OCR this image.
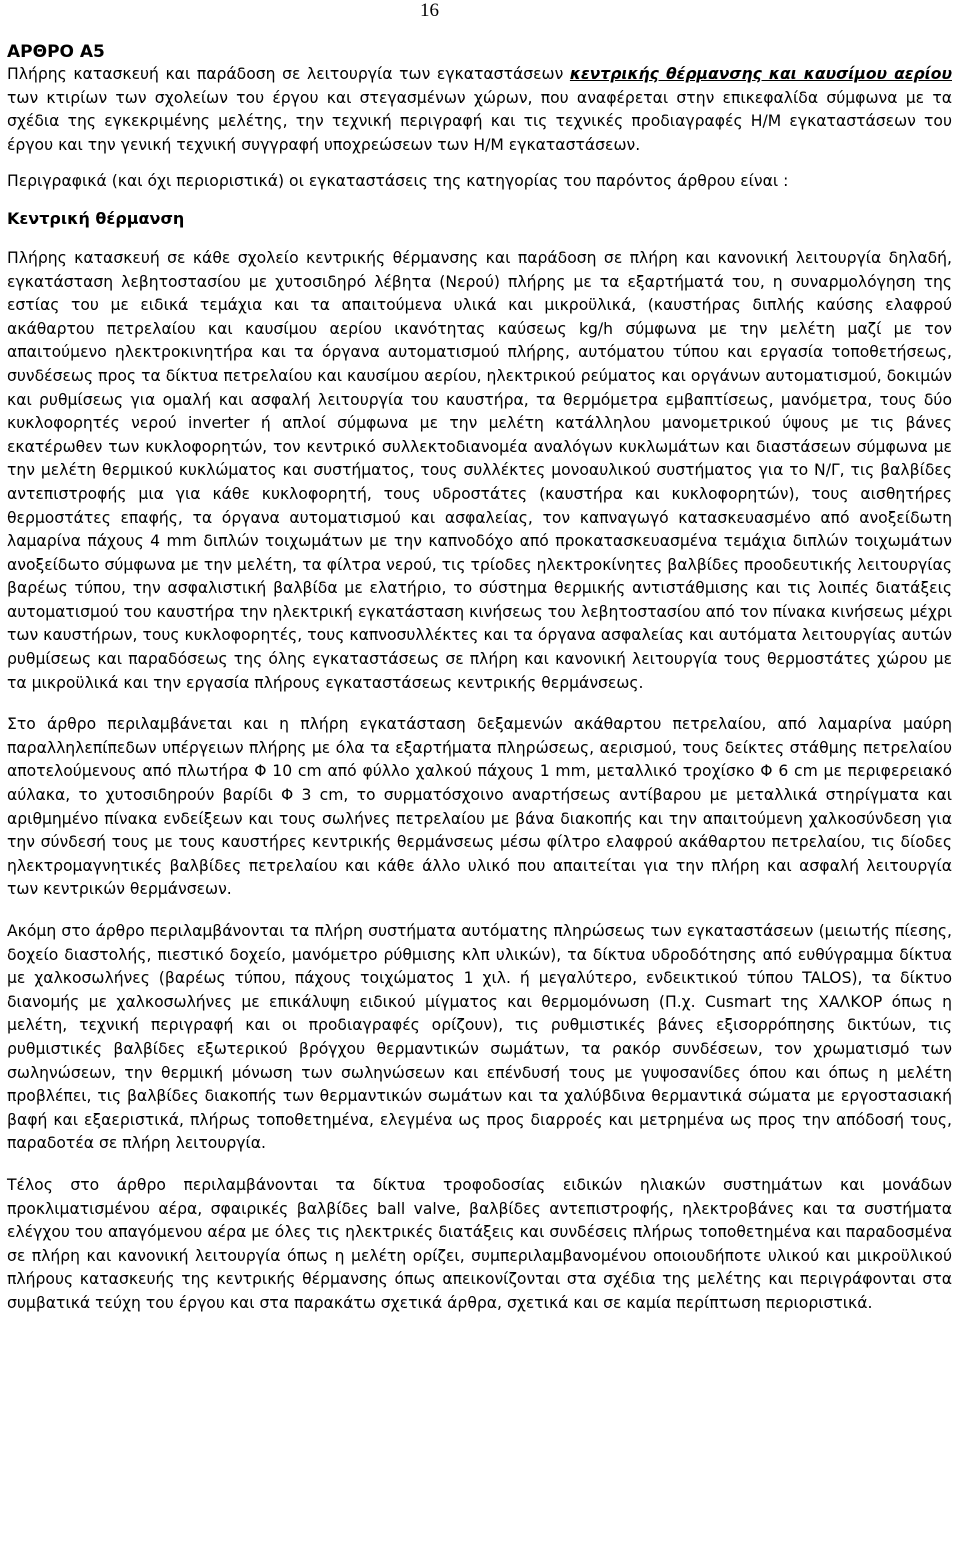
16
ΑΡΘΡΟ Α5

Πλήρης κατασκευή και παράδοση σε λειτουργία των εγκαταστάσεων κεντρικής θέρμανσης και καυσίμου αερίου των κτιρίων των σχολείων του έργου και στεγασμένων χώρων, που αναφέρεται στην επικεφαλίδα σύμφωνα με τα σχέδια της εγκεκριμένης μελέτης, την τεχνική περιγραφή και τις τεχνικές προδιαγραφές Η/Μ εγκαταστάσεων του έργου και την γενική τεχνική συγγραφή υποχρεώσεων των Η/Μ εγκαταστάσεων.

Περιγραφικά (και όχι περιοριστικά) οι εγκαταστάσεις της κατηγορίας του παρόντος άρθρου είναι :

Κεντρική θέρμανση

Πλήρης κατασκευή σε κάθε σχολείο κεντρικής θέρμανσης και παράδοση σε πλήρη και κανονική λειτουργία δηλαδή, εγκατάσταση λεβητοστασίου με χυτοσιδηρό λέβητα (Νερού) πλήρης με τα εξαρτήματά του, η συναρμολόγηση της εστίας του με ειδικά τεμάχια και τα απαιτούμενα υλικά και μικροϋλικά, (καυστήρας διπλής καύσης ελαφρού ακάθαρτου πετρελαίου και καυσίμου αερίου ικανότητας καύσεως kg/h σύμφωνα με την μελέτη μαζί με τον απαιτούμενο ηλεκτροκινητήρα και τα όργανα αυτοματισμού πλήρης, αυτόματου τύπου και εργασία τοποθετήσεως, συνδέσεως προς τα δίκτυα πετρελαίου και καυσίμου αερίου, ηλεκτρικού ρεύματος και οργάνων αυτοματισμού, δοκιμών και ρυθμίσεως για ομαλή και ασφαλή λειτουργία του καυστήρα, τα θερμόμετρα εμβαπτίσεως, μανόμετρα, τους δύο κυκλοφορητές νερού inverter ή απλοί σύμφωνα με την μελέτη κατάλληλου μανομετρικού ύψους με τις βάνες εκατέρωθεν των κυκλοφορητών, τον κεντρικό συλλεκτοδιανομέα αναλόγων κυκλωμάτων και διαστάσεων σύμφωνα με την μελέτη θερμικού κυκλώματος και συστήματος, τους συλλέκτες μονοαυλικού συστήματος για το Ν/Γ, τις βαλβίδες αντεπιστροφής μια για κάθε κυκλοφορητή, τους υδροστάτες (καυστήρα και κυκλοφορητών), τους αισθητήρες θερμοστάτες επαφής, τα όργανα αυτοματισμού και ασφαλείας, τον καπναγωγό κατασκευασμένο από ανοξείδωτη λαμαρίνα πάχους 4 mm διπλών τοιχωμάτων με την καπνοδόχο από προκατασκευασμένα τεμάχια διπλών τοιχωμάτων ανοξείδωτο σύμφωνα με την μελέτη, τα φίλτρα νερού, τις τρίοδες ηλεκτροκίνητες βαλβίδες προοδευτικής λειτουργίας βαρέως τύπου, την ασφαλιστική βαλβίδα με ελατήριο, το σύστημα θερμικής αντιστάθμισης και τις λοιπές διατάξεις αυτοματισμού του καυστήρα την ηλεκτρική εγκατάσταση κινήσεως του λεβητοστασίου από τον πίνακα κινήσεως μέχρι των καυστήρων, τους κυκλοφορητές, τους καπνοσυλλέκτες και τα όργανα ασφαλείας και αυτόματα λειτουργίας αυτών ρυθμίσεως και παραδόσεως της όλης εγκαταστάσεως σε πλήρη και κανονική λειτουργία τους θερμοστάτες χώρου με τα μικροϋλικά και την εργασία πλήρους εγκαταστάσεως κεντρικής θερμάνσεως.

Στο άρθρο περιλαμβάνεται και η πλήρη εγκατάσταση δεξαμενών ακάθαρτου πετρελαίου, από λαμαρίνα μαύρη παραλληλεπίπεδων υπέργειων πλήρης με όλα τα εξαρτήματα πληρώσεως, αερισμού, τους δείκτες στάθμης πετρελαίου αποτελούμενους από πλωτήρα Φ 10 cm από φύλλο χαλκού πάχους 1 mm, μεταλλικό τροχίσκο Φ 6 cm με περιφερειακό αύλακα, το χυτοσιδηρούν βαρίδι Φ 3 cm, το συρματόσχοινο αναρτήσεως αντίβαρου με μεταλλικά στηρίγματα και αριθμημένο πίνακα ενδείξεων και τους σωλήνες πετρελαίου με βάνα διακοπής και την απαιτούμενη χαλκοσύνδεση για την σύνδεσή τους με τους καυστήρες κεντρικής θερμάνσεως μέσω φίλτρο ελαφρού ακάθαρτου πετρελαίου, τις δίοδες ηλεκτρομαγνητικές βαλβίδες πετρελαίου και κάθε άλλο υλικό που απαιτείται για την πλήρη και ασφαλή λειτουργία των κεντρικών θερμάνσεων.

Ακόμη στο άρθρο περιλαμβάνονται τα πλήρη συστήματα αυτόματης πληρώσεως των εγκαταστάσεων (μειωτής πίεσης, δοχείο διαστολής, πιεστικό δοχείο, μανόμετρο ρύθμισης κλπ υλικών), τα δίκτυα υδροδότησης από ευθύγραμμα δίκτυα με χαλκοσωλήνες (βαρέως τύπου, πάχους τοιχώματος 1 χιλ. ή μεγαλύτερο, ενδεικτικού τύπου TALOS), τα δίκτυο διανομής με χαλκοσωλήνες με επικάλυψη ειδικού μίγματος και θερμομόνωση (Π.χ. Cusmart της ΧΑΛΚΟΡ όπως η μελέτη, τεχνική περιγραφή και οι προδιαγραφές ορίζουν), τις ρυθμιστικές βάνες εξισορρόπησης δικτύων, τις ρυθμιστικές βαλβίδες εξωτερικού βρόγχου θερμαντικών σωμάτων, τα ρακόρ συνδέσεων, τον χρωματισμό των σωληνώσεων, την θερμική μόνωση των σωληνώσεων και επένδυσή τους με γυψοσανίδες όπου και όπως η μελέτη προβλέπει, τις βαλβίδες διακοπής των θερμαντικών σωμάτων και τα χαλύβδινα θερμαντικά σώματα με εργοστασιακή βαφή και εξαεριστικά, πλήρως τοποθετημένα, ελεγμένα ως προς διαρροές και μετρημένα ως προς την απόδοσή τους, παραδοτέα σε πλήρη λειτουργία.

Τέλος στο άρθρο περιλαμβάνονται τα δίκτυα τροφοδοσίας ειδικών ηλιακών συστημάτων και μονάδων προκλιματισμένου αέρα, σφαιρικές βαλβίδες ball valve, βαλβίδες αντεπιστροφής, ηλεκτροβάνες και τα συστήματα ελέγχου του απαγόμενου αέρα με όλες τις ηλεκτρικές διατάξεις και συνδέσεις πλήρως τοποθετημένα και παραδοσμένα σε πλήρη και κανονική λειτουργία όπως η μελέτη ορίζει, συμπεριλαμβανομένου οποιουδήποτε υλικού και μικροϋλικού πλήρους κατασκευής της κεντρικής θέρμανσης όπως απεικονίζονται στα σχέδια της μελέτης και περιγράφονται στα συμβατικά τεύχη του έργου και στα παρακάτω σχετικά άρθρα, σχετικά και σε καμία περίπτωση περιοριστικά.
